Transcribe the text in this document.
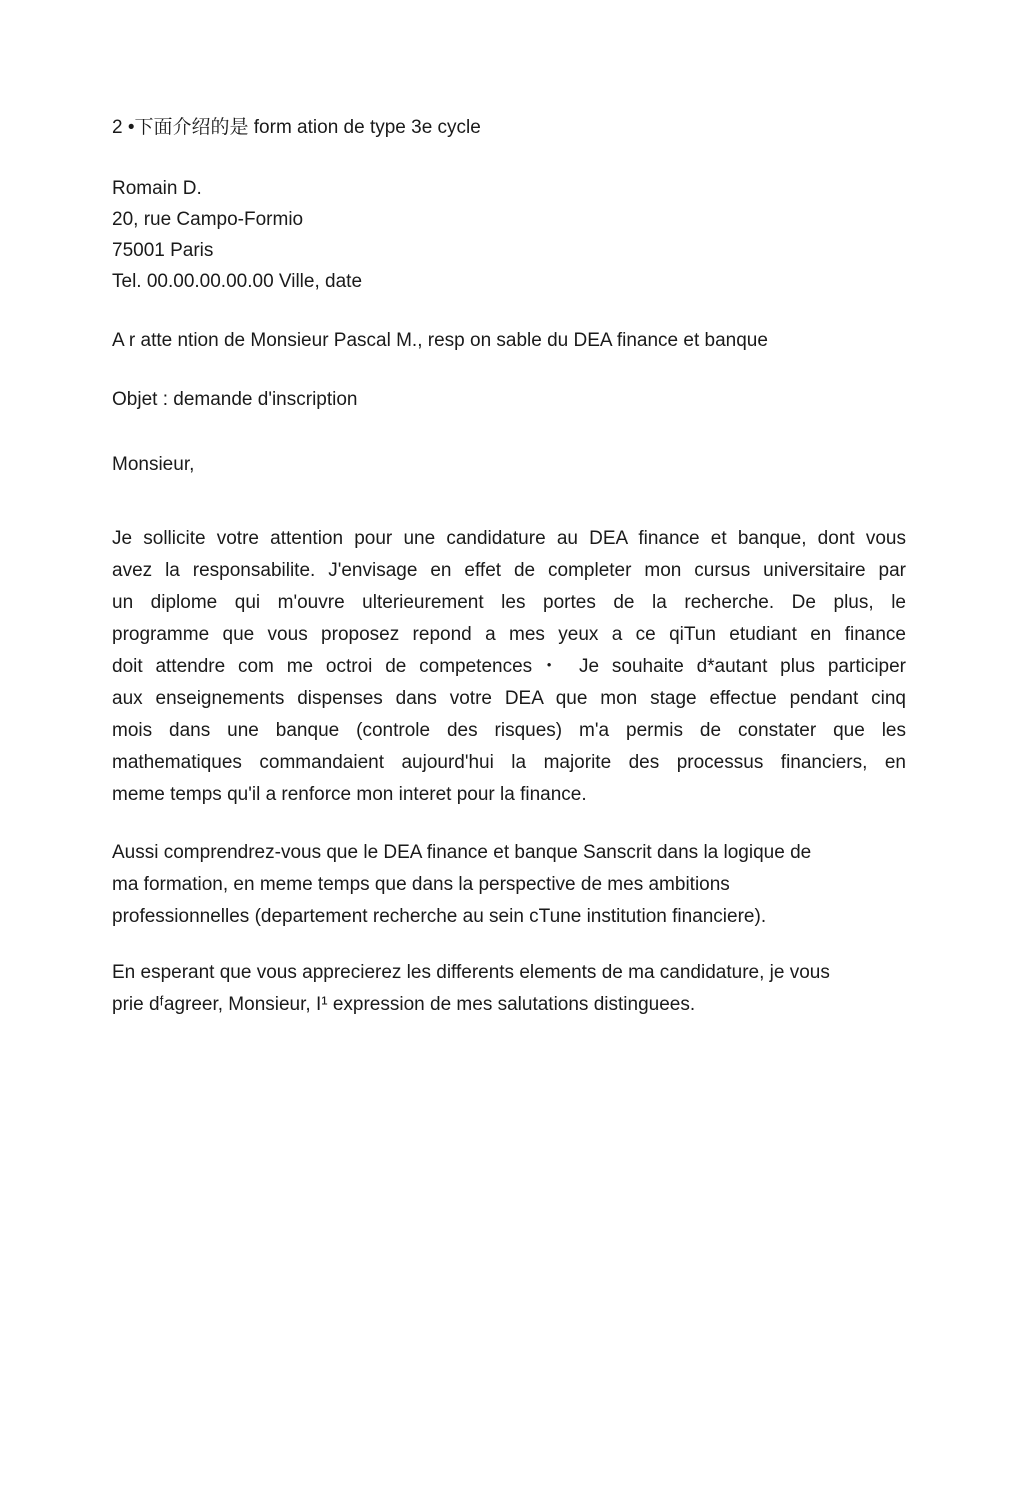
2 •下面介绍的是 form ation de type 3e cycle
Romain D.
20, rue Campo-Formio
75001 Paris
Tel. 00.00.00.00.00 Ville, date
A r atte ntion de Monsieur Pascal M., resp on sable du DEA finance et banque
Objet : demande d'inscription
Monsieur,
Je sollicite votre attention pour une candidature au DEA finance et banque, dont vous
avez la responsabilite. J'envisage en effet de completer mon cursus universitaire par
un diplome qui m'ouvre ulterieurement les portes de la recherche. De plus, le
programme que vous proposez repond a mes yeux a ce qiTun etudiant en finance
doit attendre com me octroi de competences・ Je souhaite d*autant plus participer
aux enseignements dispenses dans votre DEA que mon stage effectue pendant cinq
mois dans une banque (controle des risques) m'a permis de constater que les
mathematiques commandaient aujourd'hui la majorite des processus financiers, en
meme temps qu'il a renforce mon interet pour la finance.
Aussi comprendrez-vous que le DEA finance et banque Sanscrit dans la logique de
ma formation, en meme temps que dans la perspective de mes ambitions
professionnelles (departement recherche au sein cTune institution financiere).
En esperant que vous apprecierez les differents elements de ma candidature, je vous
prie dᶠagreer, Monsieur, I¹ expression de mes salutations distinguees.
